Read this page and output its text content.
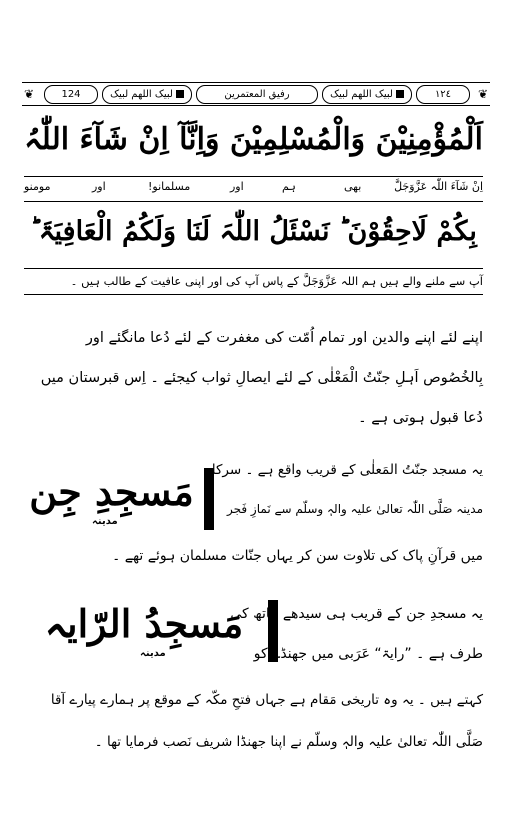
❦	124	لبیک اللھم لبیک	رفیق المعتمرین	لبیک اللھم لبیک	۱۲٤	❦
اَلْمُؤْمِنِیْنَ وَالْمُسْلِمِیْنَ وَاِنَّآ اِنْ شَآءَ اللّٰہُ
مومنو	اور	مسلمانو!	اور	ہم	بھی	اِنْ شَآءَ اللّٰہ عَزَّوَجَلَّ
بِکُمْ لَاحِقُوْنَ ؕ نَسْئَلُ اللّٰہَ لَنَا وَلَکُمُ الْعَافِیَۃَ ؕ
آپ سے ملنے والے ہیں ہم اللہ عَزَّوَجَلَّ کے پاس آپ کی اور اپنی عافیت کے طالب ہیں ۔
اپنے لئے اپنے والدین اور تمام اُمّت کی مغفرت کے لئے دُعا مانگئے اور
بِالخُصُوص اَہلِ جنّتُ الْمَعْلٰی کے لئے ایصالِ ثواب کیجئے ۔ اِس قبرستان میں
دُعا قبول ہوتی ہے ۔
مَسجِدِ جِن
مدینہ
یہ مسجد جنّتُ المَعلٰی کے قریب واقع ہے ۔ سرکارِ
مدینہ صَلَّی اللّٰہ تعالیٰ علیہ والہٖ وسلّم سے نَمازِ فَجر
میں قرآنِ پاک کی تلاوت سن کر یہاں جنّات مسلمان ہوئے تھے ۔
مَسجِدُ الرّایہ
مدینہ
یہ مسجدِ جن کے قریب ہی سیدھے ہاتھ کی
طرف ہے ۔ ”رایۃ“ عَرَبی میں جھنڈے کو
کہتے ہیں ۔ یہ وہ تاریخی مَقام ہے جہاں فتحِ مکّہ کے موقع پر ہمارے پیارے آقا
صَلَّی اللّٰہ تعالیٰ علیہ والہٖ وسلّم نے اپنا جھنڈا شریف نَصب فرمایا تھا ۔
